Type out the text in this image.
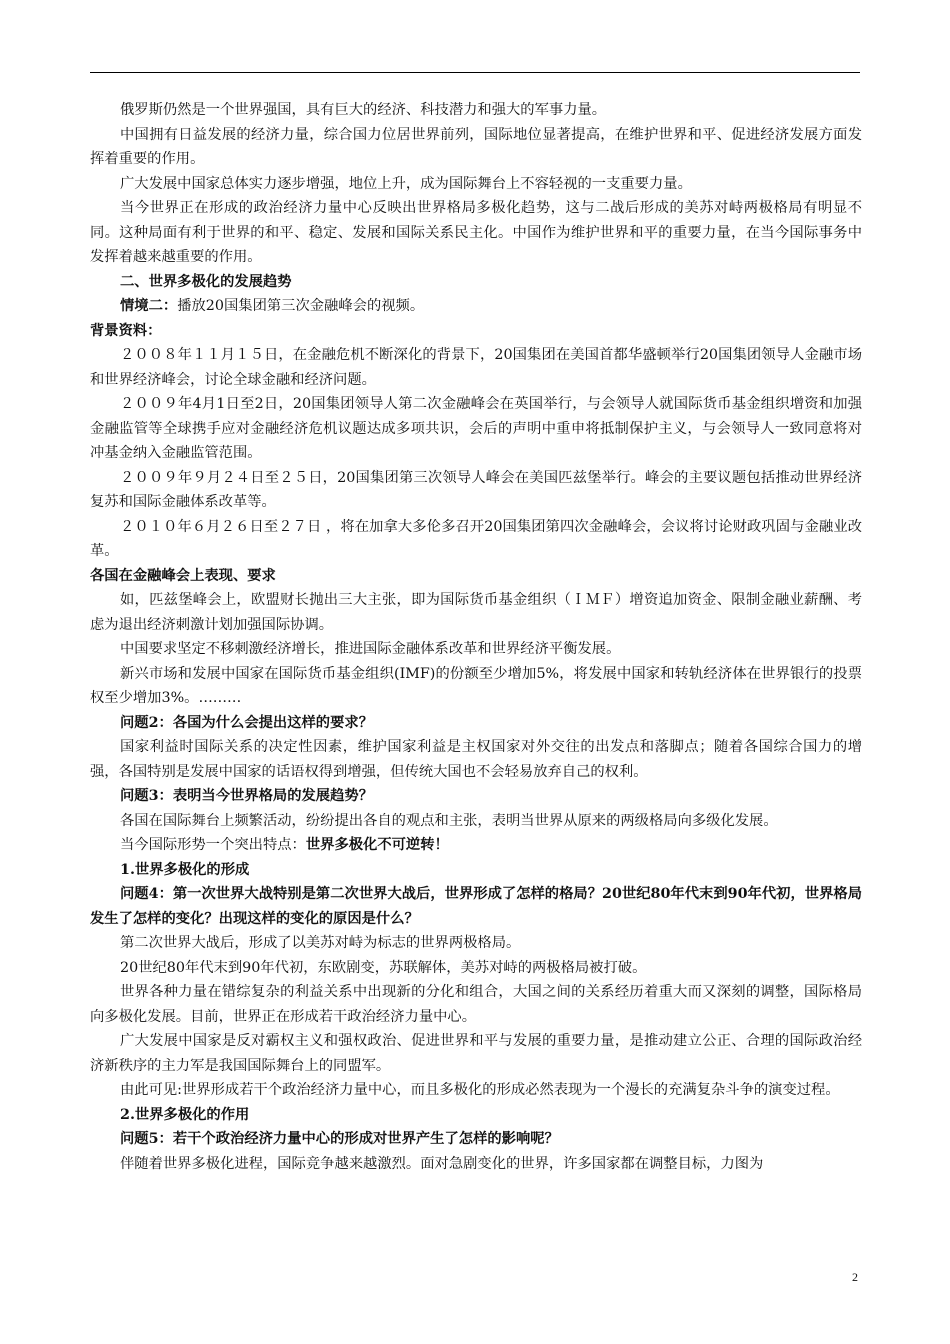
俄罗斯仍然是一个世界强国，具有巨大的经济、科技潜力和强大的军事力量。

中国拥有日益发展的经济力量，综合国力位居世界前列，国际地位显著提高，在维护世界和平、促进经济发展方面发挥着重要的作用。

广大发展中国家总体实力逐步增强，地位上升，成为国际舞台上不容轻视的一支重要力量。

当今世界正在形成的政治经济力量中心反映出世界格局多极化趋势，这与二战后形成的美苏对峙两极格局有明显不同。这种局面有利于世界的和平、稳定、发展和国际关系民主化。中国作为维护世界和平的重要力量，在当今国际事务中发挥着越来越重要的作用。

二、世界多极化的发展趋势

情境二：播放20国集团第三次金融峰会的视频。

背景资料：

２００８年１１月１５日，在金融危机不断深化的背景下，20国集团在美国首都华盛顿举行20国集团领导人金融市场和世界经济峰会，讨论全球金融和经济问题。

２００９年4月1日至2日，20国集团领导人第二次金融峰会在英国举行，与会领导人就国际货币基金组织增资和加强金融监管等全球携手应对金融经济危机议题达成多项共识，会后的声明中重申将抵制保护主义，与会领导人一致同意将对冲基金纳入金融监管范围。

２００９年９月２４日至２５日，20国集团第三次领导人峰会在美国匹兹堡举行。峰会的主要议题包括推动世界经济复苏和国际金融体系改革等。

２０１０年６月２６日至２７日 ，将在加拿大多伦多召开20国集团第四次金融峰会，会议将讨论财政巩固与金融业改革。

各国在金融峰会上表现、要求

如，匹兹堡峰会上，欧盟财长抛出三大主张，即为国际货币基金组织（ＩＭＦ）增资追加资金、限制金融业薪酬、考虑为退出经济刺激计划加强国际协调。

中国要求坚定不移刺激经济增长，推进国际金融体系改革和世界经济平衡发展。

新兴市场和发展中国家在国际货币基金组织(IMF)的份额至少增加5%，将发展中国家和转轨经济体在世界银行的投票权至少增加3%。………

问题2：各国为什么会提出这样的要求？

国家利益时国际关系的决定性因素，维护国家利益是主权国家对外交往的出发点和落脚点；随着各国综合国力的增强，各国特别是发展中国家的话语权得到增强，但传统大国也不会轻易放弃自己的权利。

问题3：表明当今世界格局的发展趋势？

各国在国际舞台上频繁活动，纷纷提出各自的观点和主张，表明当世界从原来的两级格局向多级化发展。

当今国际形势一个突出特点：世界多极化不可逆转！

1.世界多极化的形成

问题4：第一次世界大战特别是第二次世界大战后，世界形成了怎样的格局？20世纪80年代末到90年代初，世界格局发生了怎样的变化？出现这样的变化的原因是什么？

第二次世界大战后，形成了以美苏对峙为标志的世界两极格局。

20世纪80年代末到90年代初，东欧剧变，苏联解体，美苏对峙的两极格局被打破。

世界各种力量在错综复杂的利益关系中出现新的分化和组合，大国之间的关系经历着重大而又深刻的调整，国际格局向多极化发展。目前，世界正在形成若干政治经济力量中心。

广大发展中国家是反对霸权主义和强权政治、促进世界和平与发展的重要力量，是推动建立公正、合理的国际政治经济新秩序的主力军是我国国际舞台上的同盟军。

由此可见:世界形成若干个政治经济力量中心，而且多极化的形成必然表现为一个漫长的充满复杂斗争的演变过程。

2.世界多极化的作用

问题5：若干个政治经济力量中心的形成对世界产生了怎样的影响呢？

伴随着世界多极化进程，国际竞争越来越激烈。面对急剧变化的世界，许多国家都在调整目标，力图为

2
